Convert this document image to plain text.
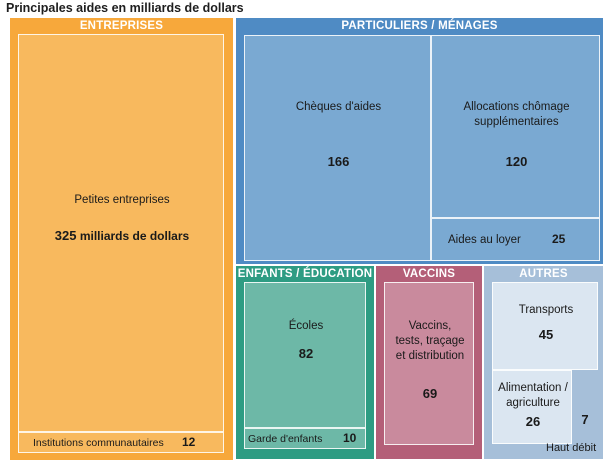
Principales aides en milliards de dollars
ENTREPRISES
Petites entreprises
325 milliards de dollars
Institutions communautaires 12
PARTICULIERS / MÉNAGES
Chèques d'aides
166
Allocations chômage
supplémentaires
120
Aides au loyer	25
ENFANTS / ÉDUCATION
Écoles
82
Garde d'enfants 10
VACCINS
Vaccins,
tests, traçage
et distribution
69
AUTRES
Transports
45
Alimentation /
agriculture
26	7
Haut débit
